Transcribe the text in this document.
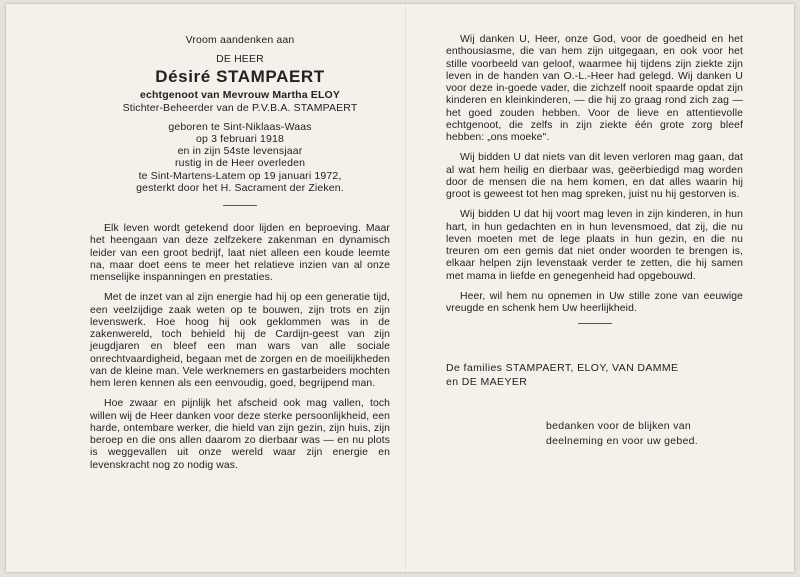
Vroom aandenken aan
DE HEER
Désiré STAMPAERT
echtgenoot van Mevrouw Martha ELOY
Stichter-Beheerder van de P.V.B.A. STAMPAERT
geboren te Sint-Niklaas-Waas
op 3 februari 1918
en in zijn 54ste levensjaar
rustig in de Heer overleden
te Sint-Martens-Latem op 19 januari 1972,
gesterkt door het H. Sacrament der Zieken.

Elk leven wordt getekend door lijden en beproeving. Maar het heengaan van deze zelfzekere zakenman en dynamisch leider van een groot bedrijf, laat niet alleen een koude leemte na, maar doet eens te meer het relatieve inzien van al onze menselijke inspanningen en prestaties.

Met de inzet van al zijn energie had hij op een generatie tijd, een veelzijdige zaak weten op te bouwen, zijn trots en zijn levenswerk. Hoe hoog hij ook geklommen was in de zakenwereld, toch behield hij de Cardijn-geest van zijn jeugdjaren en bleef een man wars van alle sociale onrechtvaardigheid, begaan met de zorgen en de moeilijkheden van de kleine man. Vele werknemers en gastarbeiders mochten hem leren kennen als een eenvoudig, goed, begrijpend man.

Hoe zwaar en pijnlijk het afscheid ook mag vallen, toch willen wij de Heer danken voor deze sterke persoonlijkheid, een harde, ontembare werker, die hield van zijn gezin, zijn huis, zijn beroep en die ons allen daarom zo dierbaar was — en nu plots is weggevallen uit onze wereld waar zijn energie en levenskracht nog zo nodig was.

Wij danken U, Heer, onze God, voor de goedheid en het enthousiasme, die van hem zijn uitgegaan, en ook voor het stille voorbeeld van geloof, waarmee hij tijdens zijn ziekte zijn leven in de handen van O.-L.-Heer had gelegd. Wij danken U voor deze in-goede vader, die zichzelf nooit spaarde opdat zijn kinderen en kleinkinderen, — die hij zo graag rond zich zag — het goed zouden hebben. Voor de lieve en attentievolle echtgenoot, die zelfs in zijn ziekte één grote zorg bleef hebben: „ons moeke".

Wij bidden U dat niets van dit leven verloren mag gaan, dat al wat hem heilig en dierbaar was, geëerbiedigd mag worden door de mensen die na hem komen, en dat alles waarin hij groot is geweest tot hen mag spreken, juist nu hij gestorven is.

Wij bidden U dat hij voort mag leven in zijn kinderen, in hun hart, in hun gedachten en in hun levensmoed, dat zij, die nu leven moeten met de lege plaats in hun gezin, en die nu treuren om een gemis dat niet onder woorden te brengen is, elkaar helpen zijn levenstaak verder te zetten, die hij samen met mama in liefde en genegenheid had opgebouwd.

Heer, wil hem nu opnemen in Uw stille zone van eeuwige vreugde en schenk hem Uw heerlijkheid.

De families STAMPAERT, ELOY, VAN DAMME
en DE MAEYER
bedanken voor de blijken van
deelneming en voor uw gebed.
